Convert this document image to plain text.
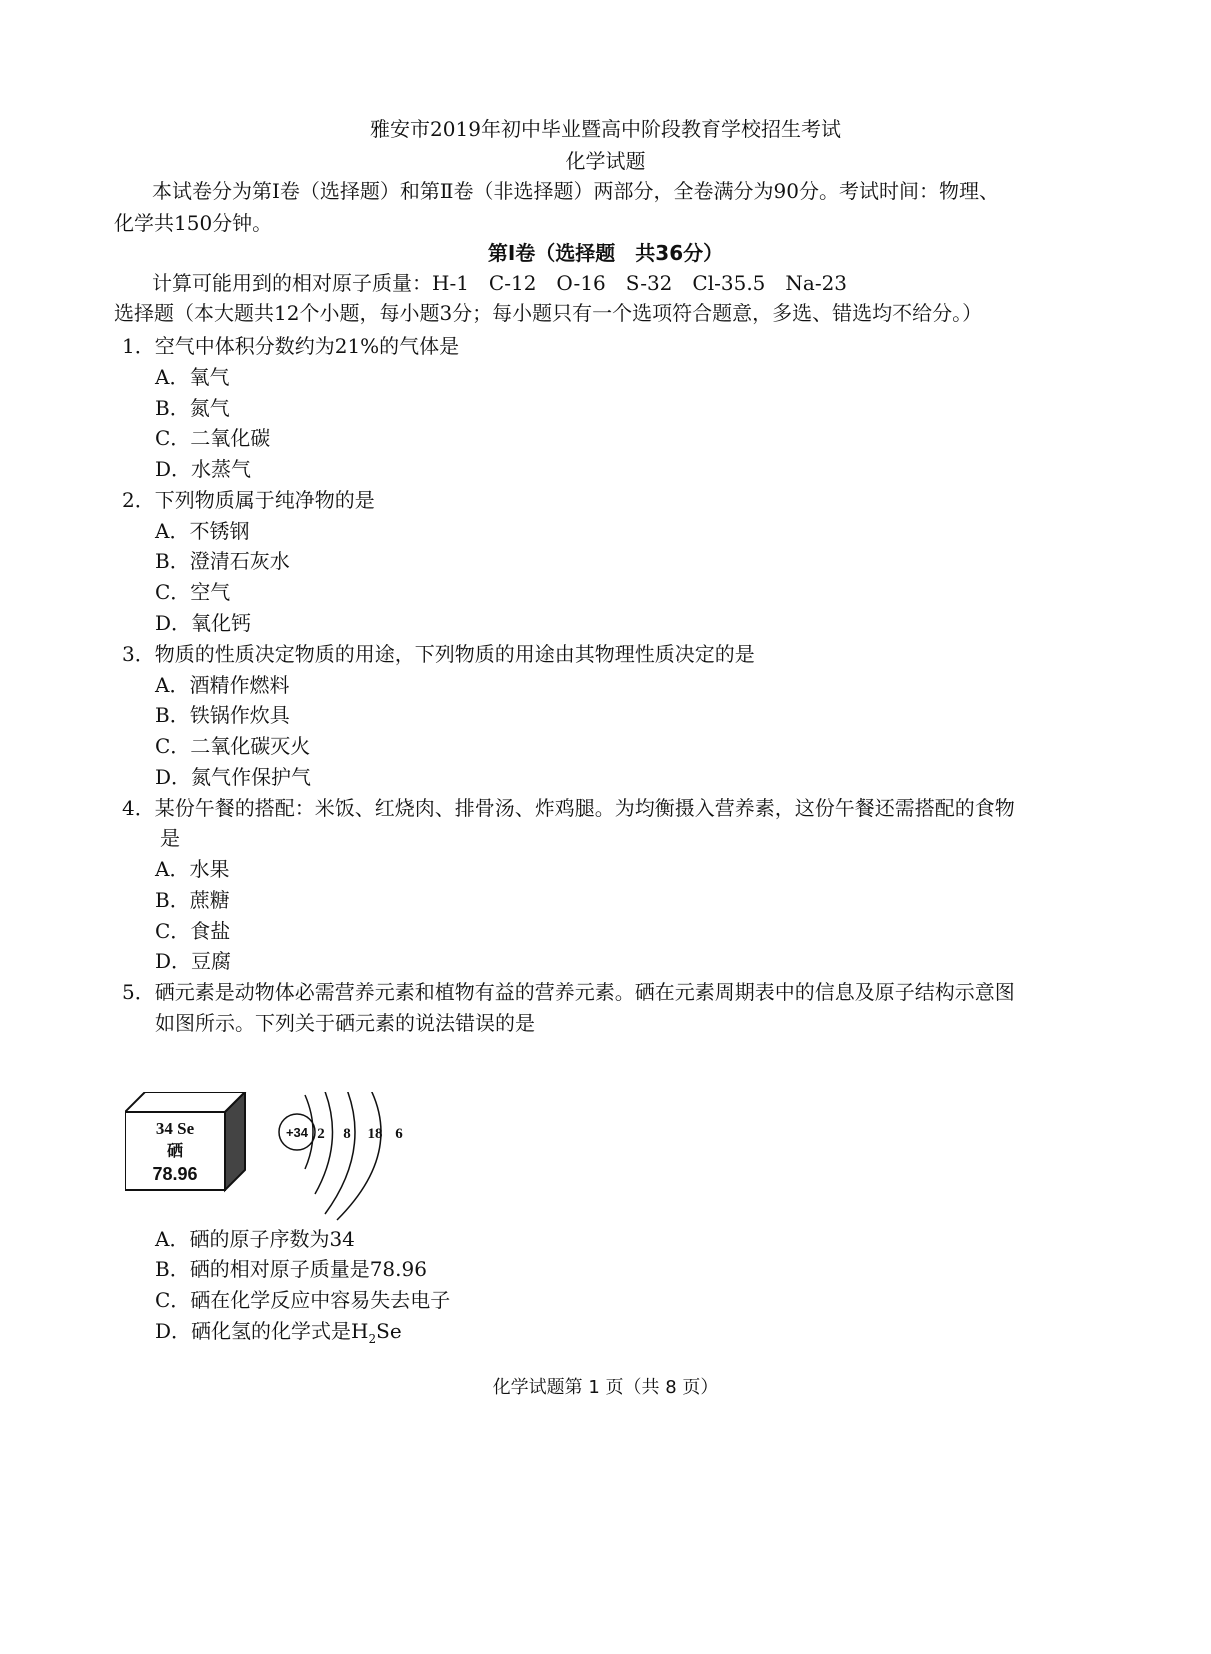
雅安市2019年初中毕业暨高中阶段教育学校招生考试
化学试题
本试卷分为第Ⅰ卷（选择题）和第Ⅱ卷（非选择题）两部分，全卷满分为90分。考试时间：物理、
化学共150分钟。
第Ⅰ卷（选择题　共36分）
计算可能用到的相对原子质量：H-1　C-12　O-16　S-32　Cl-35.5　Na-23
选择题（本大题共12个小题，每小题3分；每小题只有一个选项符合题意，多选、错选均不给分。）
1．空气中体积分数约为21%的气体是
A．氧气
B．氮气
C．二氧化碳
D．水蒸气
2．下列物质属于纯净物的是
A．不锈钢
B．澄清石灰水
C．空气
D．氧化钙
3．物质的性质决定物质的用途，下列物质的用途由其物理性质决定的是
A．酒精作燃料
B．铁锅作炊具
C．二氧化碳灭火
D．氮气作保护气
4．某份午餐的搭配：米饭、红烧肉、排骨汤、炸鸡腿。为均衡摄入营养素，这份午餐还需搭配的食物
是
A．水果
B．蔗糖
C．食盐
D．豆腐
5．硒元素是动物体必需营养元素和植物有益的营养元素。硒在元素周期表中的信息及原子结构示意图
如图所示。下列关于硒元素的说法错误的是
34 Se
硒
78.96
+34 2 8 18 6
A．硒的原子序数为34
B．硒的相对原子质量是78.96
C．硒在化学反应中容易失去电子
D．硒化氢的化学式是$H_2Se$
化学试题第 1 页（共 8 页）
